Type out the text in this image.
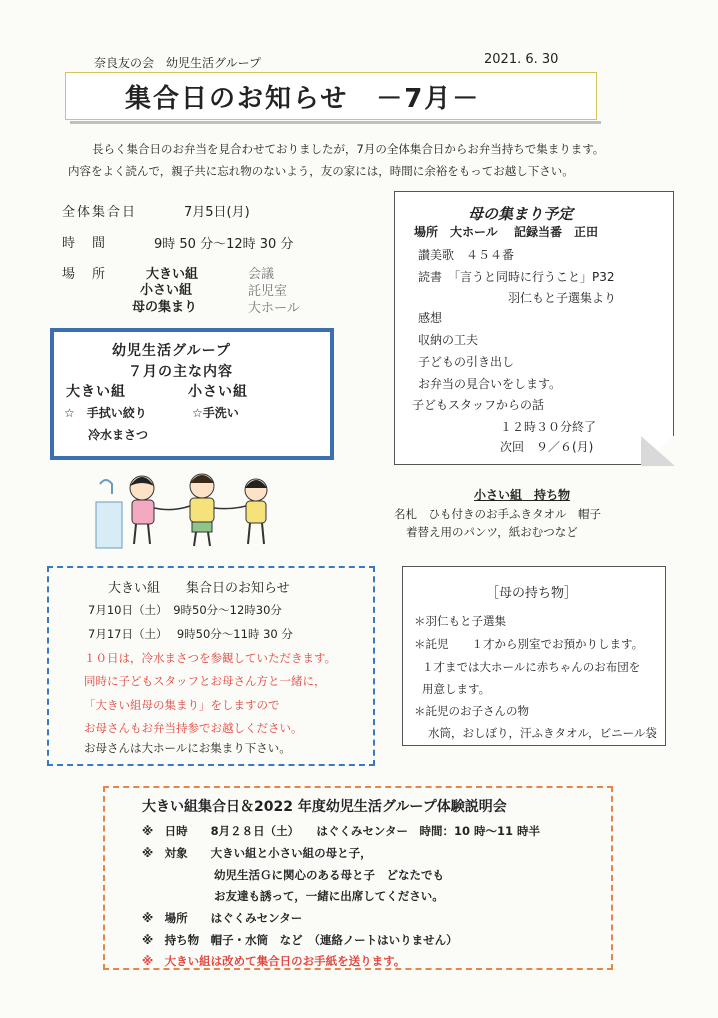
奈良友の会　幼児生活グループ	2021. 6. 30
集合日のお知らせ　－7月－
長らく集合日のお弁当を見合わせておりましたが，7月の全体集合日からお弁当持ちで集まります。
内容をよく読んで，親子共に忘れ物のないよう，友の家には，時間に余裕をもってお越し下さい。
全体集合日	7月5日(月)
時　間	9時 50 分～12時 30 分
場　所	大きい組	会議
小さい組	託児室
母の集まり	大ホール
母の集まり予定
場所　大ホール　 記録当番　正田
讃美歌　４５４番
読書　「言うと同時に行うこと」P32
羽仁もと子選集より
感想
収納の工夫
子どもの引き出し
お弁当の見合いをします。
子どもスタッフからの話
１２時３０分終了
次回　９／６(月)
幼児生活グループ
７月の主な内容
大きい組	小さい組
☆　手拭い絞り	☆手洗い
冷水まさつ
小さい組　持ち物
名札　ひも付きのお手ふきタオル　帽子
着替え用のパンツ，紙おむつなど
大きい組　　集合日のお知らせ
7月10日（土）　9時50分～12時30分
7月17日（土）　 9時50分～11時 30 分
１０日は，冷水まさつを参観していただきます。
同時に子どもスタッフとお母さん方と一緒に，
「大きい組母の集まり」をしますので
お母さんもお弁当持参でお越しください。
お母さんは大ホールにお集まり下さい。
［母の持ち物］
＊羽仁もと子選集
＊託児　　１才から別室でお預かりします。
１才までは大ホールに赤ちゃんのお布団を
用意します。
＊託児のお子さんの物
水筒，おしぼり，汗ふきタオル，ビニール袋
大きい組集合日＆2022 年度幼児生活グループ体験説明会
※　日時　　8月２８日（土）　　はぐくみセンター　時間：10 時～11 時半
※　対象　　大きい組と小さい組の母と子，
幼児生活Ｇに関心のある母と子　どなたでも
お友達も誘って，一緒に出席してください。
※　場所　　はぐくみセンター
※　持ち物　帽子・水筒　など　（連絡ノートはいりません）
※　大きい組は改めて集合日のお手紙を送ります。
